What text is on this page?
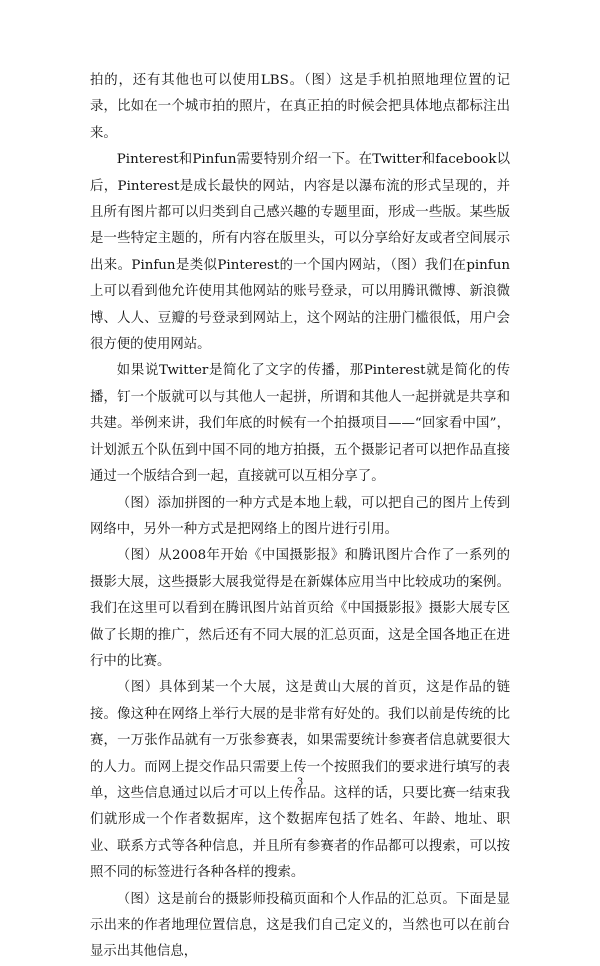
拍的，还有其他也可以使用LBS。（图）这是手机拍照地理位置的记录，比如在一个城市拍的照片，在真正拍的时候会把具体地点都标注出来。

Pinterest和Pinfun需要特别介绍一下。在Twitter和facebook以后，Pinterest是成长最快的网站，内容是以瀑布流的形式呈现的，并且所有图片都可以归类到自己感兴趣的专题里面，形成一些版。某些版是一些特定主题的，所有内容在版里头，可以分享给好友或者空间展示出来。Pinfun是类似Pinterest的一个国内网站，（图）我们在pinfun上可以看到他允许使用其他网站的账号登录，可以用腾讯微博、新浪微博、人人、豆瓣的号登录到网站上，这个网站的注册门槛很低，用户会很方便的使用网站。

如果说Twitter是简化了文字的传播，那Pinterest就是简化的传播，钉一个版就可以与其他人一起拼，所谓和其他人一起拼就是共享和共建。举例来讲，我们年底的时候有一个拍摄项目——“回家看中国”，计划派五个队伍到中国不同的地方拍摄，五个摄影记者可以把作品直接通过一个版结合到一起，直接就可以互相分享了。

（图）添加拼图的一种方式是本地上载，可以把自己的图片上传到网络中，另外一种方式是把网络上的图片进行引用。

（图）从2008年开始《中国摄影报》和腾讯图片合作了一系列的摄影大展，这些摄影大展我觉得是在新媒体应用当中比较成功的案例。我们在这里可以看到在腾讯图片站首页给《中国摄影报》摄影大展专区做了长期的推广，然后还有不同大展的汇总页面，这是全国各地正在进行中的比赛。

（图）具体到某一个大展，这是黄山大展的首页，这是作品的链接。像这种在网络上举行大展的是非常有好处的。我们以前是传统的比赛，一万张作品就有一万张参赛表，如果需要统计参赛者信息就要很大的人力。而网上提交作品只需要上传一个按照我们的要求进行填写的表单，这些信息通过以后才可以上传作品。这样的话，只要比赛一结束我们就形成一个作者数据库，这个数据库包括了姓名、年龄、地址、职业、联系方式等各种信息，并且所有参赛者的作品都可以搜索，可以按照不同的标签进行各种各样的搜索。

（图）这是前台的摄影师投稿页面和个人作品的汇总页。下面是显示出来的作者地理位置信息，这是我们自己定义的，当然也可以在前台显示出其他信息，

3
